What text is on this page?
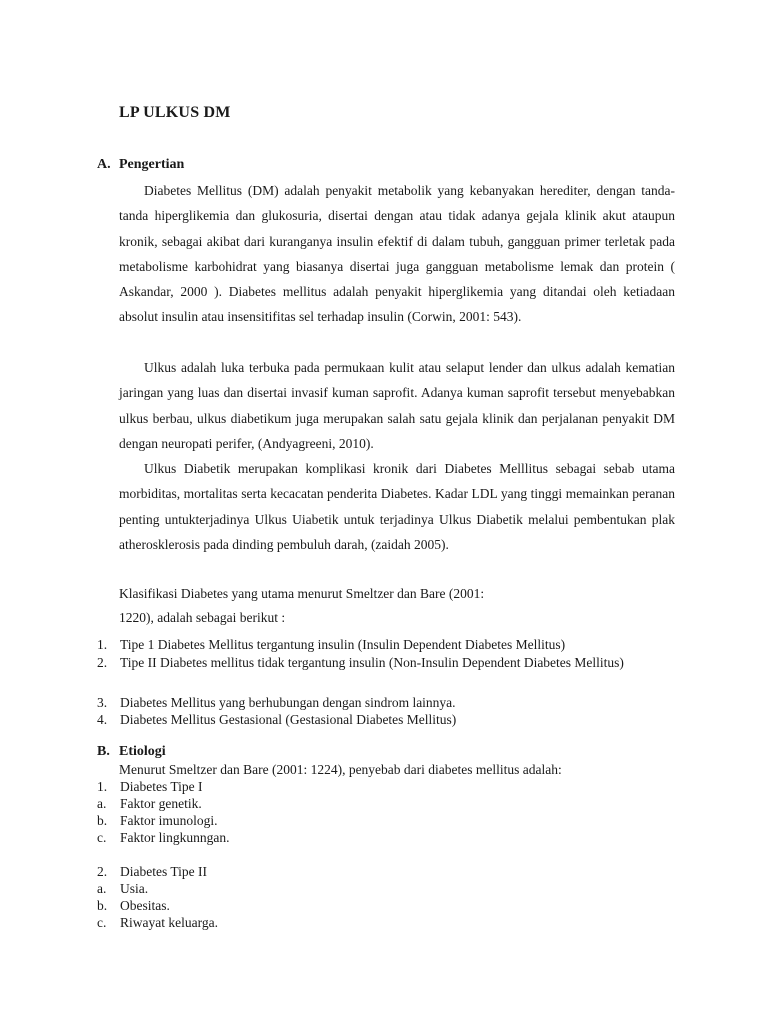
LP ULKUS DM
A. Pengertian

Diabetes Mellitus (DM) adalah penyakit metabolik yang kebanyakan herediter, dengan tanda-tanda hiperglikemia dan glukosuria, disertai dengan atau tidak adanya gejala klinik akut ataupun kronik, sebagai akibat dari kuranganya insulin efektif di dalam tubuh, gangguan primer terletak pada metabolisme karbohidrat yang biasanya disertai juga gangguan metabolisme lemak dan protein ( Askandar, 2000 ). Diabetes mellitus adalah penyakit hiperglikemia yang ditandai oleh ketiadaan absolut insulin atau insensitifitas sel terhadap insulin (Corwin, 2001: 543).

Ulkus adalah luka terbuka pada permukaan kulit atau selaput lender dan ulkus adalah kematian jaringan yang luas dan disertai invasif kuman saprofit. Adanya kuman saprofit tersebut menyebabkan ulkus berbau, ulkus diabetikum juga merupakan salah satu gejala klinik dan perjalanan penyakit DM dengan neuropati perifer, (Andyagreeni, 2010).

Ulkus Diabetik merupakan komplikasi kronik dari Diabetes Melllitus sebagai sebab utama morbiditas, mortalitas serta kecacatan penderita Diabetes. Kadar LDL yang tinggi memainkan peranan penting untukterjadinya Ulkus Uiabetik untuk terjadinya Ulkus Diabetik melalui pembentukan plak atherosklerosis pada dinding pembuluh darah, (zaidah 2005).

Klasifikasi Diabetes yang utama menurut Smeltzer dan Bare (2001:
1220), adalah sebagai berikut :
1. Tipe 1 Diabetes Mellitus tergantung insulin (Insulin Dependent Diabetes Mellitus)
2. Tipe II Diabetes mellitus tidak tergantung insulin (Non-Insulin Dependent Diabetes Mellitus)
3. Diabetes Mellitus yang berhubungan dengan sindrom lainnya.
4. Diabetes Mellitus Gestasional (Gestasional Diabetes Mellitus)
B. Etiologi
Menurut Smeltzer dan Bare (2001: 1224), penyebab dari diabetes mellitus adalah:
1. Diabetes Tipe I
a. Faktor genetik.
b. Faktor imunologi.
c. Faktor lingkunngan.
2. Diabetes Tipe II
a. Usia.
b. Obesitas.
c. Riwayat keluarga.
